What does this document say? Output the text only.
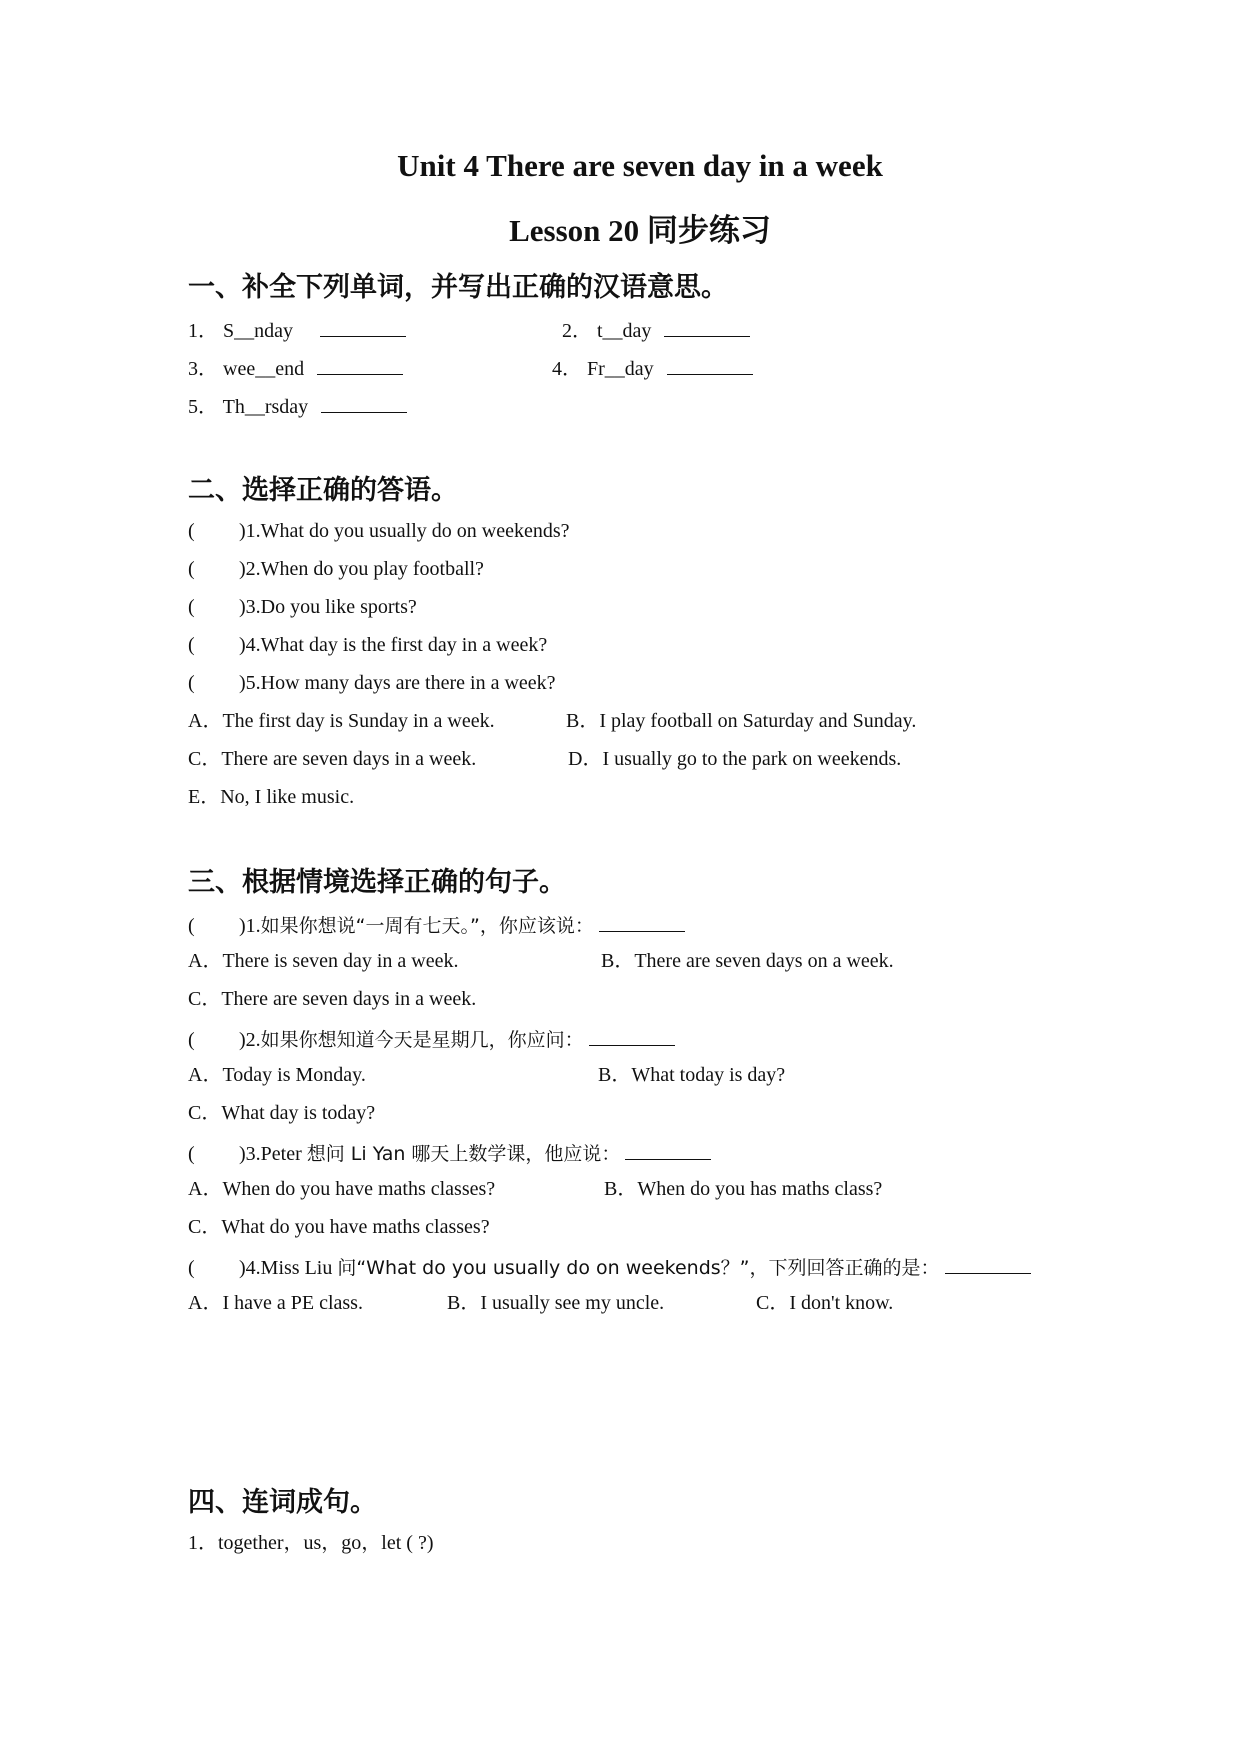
Unit 4 There are seven day in a week
Lesson 20 同步练习
一、补全下列单词，并写出正确的汉语意思。
1． S__nday	2． t__day
3． wee__end	4． Fr__day
5． Th__rsday
二、选择正确的答语。
( )1.What do you usually do on weekends?
( )2.When do you play football?
( )3.Do you like sports?
( )4.What day is the first day in a week?
( )5.How many days are there in a week?
A．The first day is Sunday in a week.	B．I play football on Saturday and Sunday.
C．There are seven days in a week.	D．I usually go to the park on weekends.
E．No, I like music.
三、根据情境选择正确的句子。
( )1.如果你想说“一周有七天。”，你应该说：
A．There is seven day in a week.	B．There are seven days on a week.
C．There are seven days in a week.
( )2.如果你想知道今天是星期几，你应问：
A．Today is Monday.	B．What today is day?
C．What day is today?
( )3.Peter 想问 Li Yan 哪天上数学课，他应说：
A．When do you have maths classes?	B．When do you has maths class?
C．What do you have maths classes?
( )4.Miss Liu 问“What do you usually do on weekends？”，下列回答正确的是：
A．I have a PE class.	B．I usually see my uncle.	C．I don't know.
四、连词成句。
1．together，us，go，let ( ?)
